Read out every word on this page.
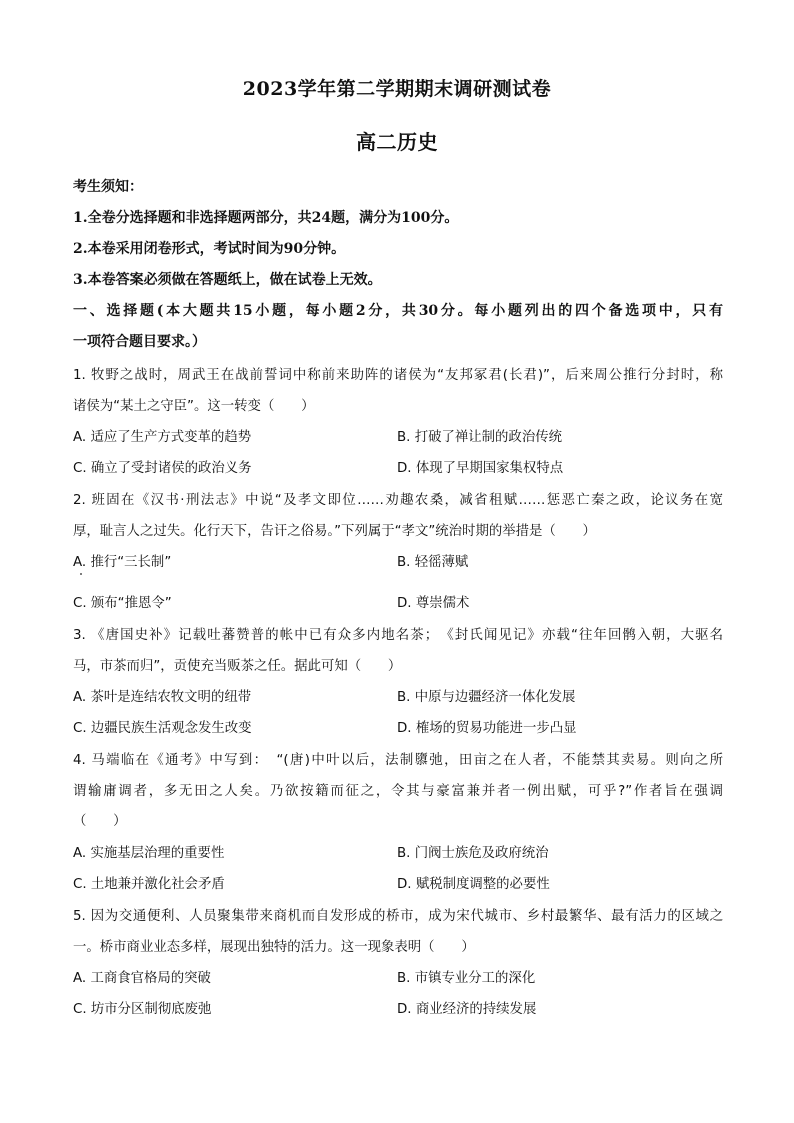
2023学年第二学期期末调研测试卷
高二历史
考生须知：
1.全卷分选择题和非选择题两部分，共24题，满分为100分。
2.本卷采用闭卷形式，考试时间为90分钟。
3.本卷答案必须做在答题纸上，做在试卷上无效。
一、选择题(本大题共15小题，每小题2分，共30分。每小题列出的四个备选项中，只有
一项符合题目要求。）
1. 牧野之战时，周武王在战前誓词中称前来助阵的诸侯为“友邦冢君(长君)”，后来周公推行分封时，称
诸侯为“某土之守臣”。这一转变（　　）
A. 适应了生产方式变革的趋势	B. 打破了禅让制的政治传统
C. 确立了受封诸侯的政治义务	D. 体现了早期国家集权特点
2. 班固在《汉书·刑法志》中说“及孝文即位……劝趣农桑，减省租赋……惩恶亡秦之政，论议务在宽
厚，耻言人之过失。化行天下，告讦之俗易。”下列属于“孝文”统治时期的举措是（　　）
A. 推行“三长制”	B. 轻徭薄赋
C. 颁布“推恩令”	D. 尊崇儒术
3. 《唐国史补》记载吐蕃赞普的帐中已有众多内地名茶；　《封氏闻见记》亦载“往年回鹘入朝，大驱名
马，市茶而归”，贡使充当贩茶之任。据此可知（　　）
A. 茶叶是连结农牧文明的纽带	B. 中原与边疆经济一体化发展
C. 边疆民族生活观念发生改变	D. 榷场的贸易功能进一步凸显
4. 马端临在《通考》中写到：　“(唐)中叶以后，法制隳弛，田亩之在人者，不能禁其卖易。则向之所
谓输庸调者，多无田之人矣。乃欲按籍而征之，令其与豪富兼并者一例出赋，可乎?”作者旨在强调
（　　）
A. 实施基层治理的重要性	B. 门阀士族危及政府统治
C. 土地兼并激化社会矛盾	D. 赋税制度调整的必要性
5. 因为交通便利、人员聚集带来商机而自发形成的桥市，成为宋代城市、乡村最繁华、最有活力的区域之
一。桥市商业业态多样，展现出独特的活力。这一现象表明（　　）
A. 工商食官格局的突破	B. 市镇专业分工的深化
C. 坊市分区制彻底废弛	D. 商业经济的持续发展
